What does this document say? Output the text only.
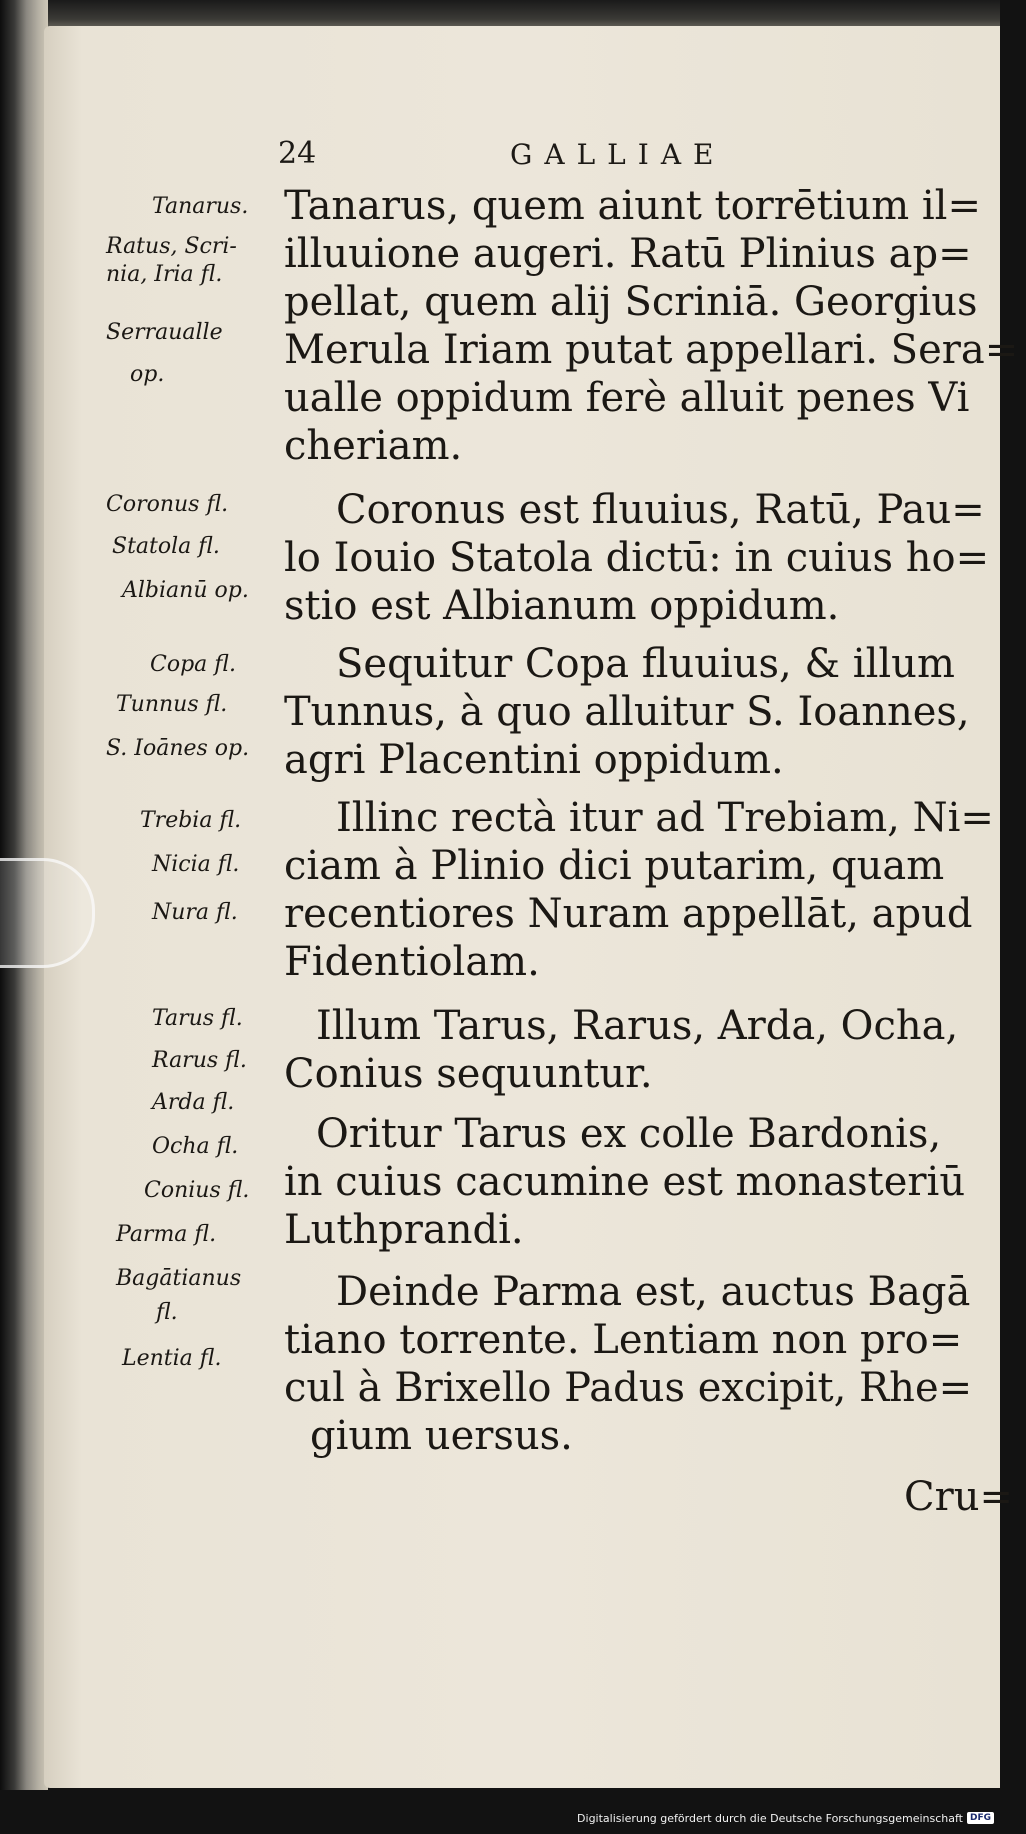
24	GALLIAE
Tanarus, quem aiunt torrētium il=
illuuione augeri. Ratū Plinius ap=
pellat, quem alij Scriniā. Georgius
Merula Iriam putat appellari. Sera=
ualle oppidum ferè alluit penes Vi
cheriam.
Coronus est fluuius, Ratū, Pau=
lo Iouio Statola dictū: in cuius ho=
stio est Albianum oppidum.
Sequitur Copa fluuius, & illum
Tunnus, à quo alluitur S. Ioannes,
agri Placentini oppidum.
Illinc rectà itur ad Trebiam, Ni=
ciam à Plinio dici putarim, quam
recentiores Nuram appellāt, apud
Fidentiolam.
Illum Tarus, Rarus, Arda, Ocha,
Conius sequuntur.
Oritur Tarus ex colle Bardonis,
in cuius cacumine est monasteriū
Luthprandi.
Deinde Parma est, auctus Bagā
tiano torrente. Lentiam non pro=
cul à Brixello Padus excipit, Rhe=
gium uersus.
Tanarus.
Ratus, Scri-
nia, Iria fl.
Serraualle
op.
Coronus fl.
Statola fl.
Albianū op.
Copa fl.
Tunnus fl.
S. Ioānes op.
Trebia fl.
Nicia fl.
Nura fl.
Tarus fl.
Rarus fl.
Arda fl.
Ocha fl.
Conius fl.
Parma fl.
Bagātianus
fl.
Lentia fl.
Cru=
Digitalisierung gefördert durch die Deutsche Forschungsgemeinschaft DFG
